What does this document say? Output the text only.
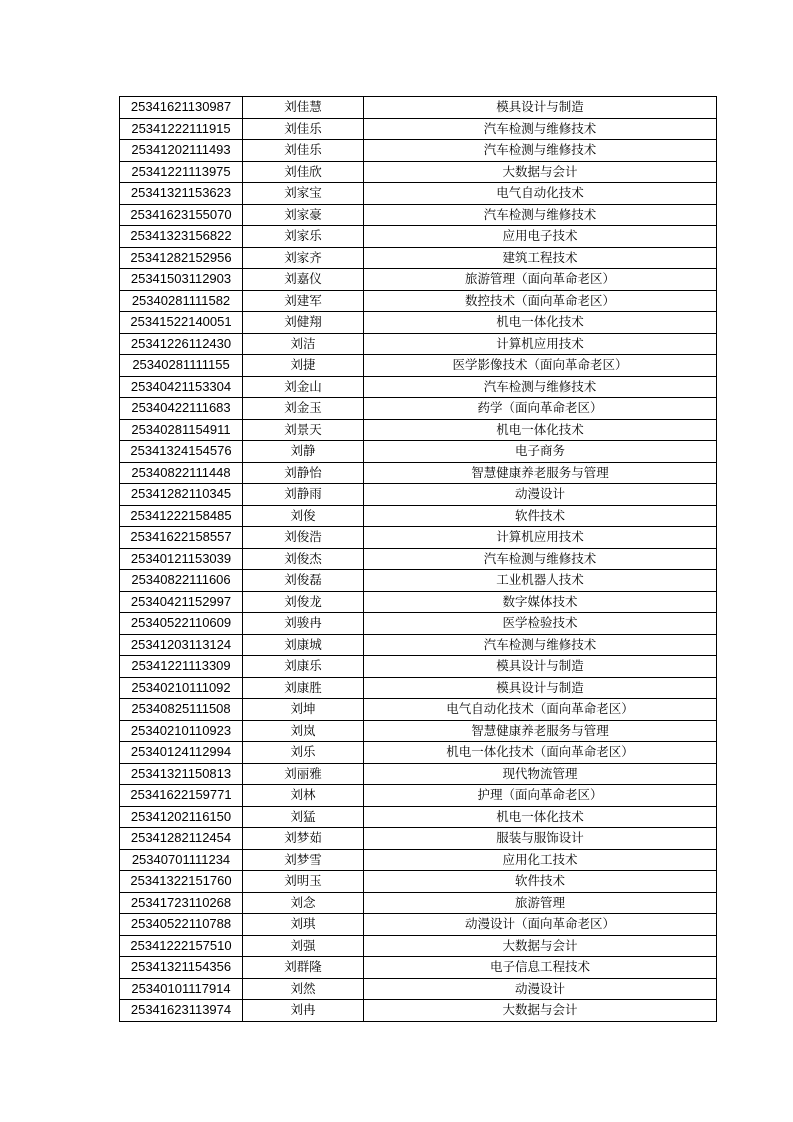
25341621130987	刘佳慧	模具设计与制造
25341222111915	刘佳乐	汽车检测与维修技术
25341202111493	刘佳乐	汽车检测与维修技术
25341221113975	刘佳欣	大数据与会计
25341321153623	刘家宝	电气自动化技术
25341623155070	刘家豪	汽车检测与维修技术
25341323156822	刘家乐	应用电子技术
25341282152956	刘家齐	建筑工程技术
25341503112903	刘嘉仪	旅游管理（面向革命老区）
25340281111582	刘建军	数控技术（面向革命老区）
25341522140051	刘健翔	机电一体化技术
25341226112430	刘洁	计算机应用技术
25340281111155	刘捷	医学影像技术（面向革命老区）
25340421153304	刘金山	汽车检测与维修技术
25340422111683	刘金玉	药学（面向革命老区）
25340281154911	刘景天	机电一体化技术
25341324154576	刘静	电子商务
25340822111448	刘静怡	智慧健康养老服务与管理
25341282110345	刘静雨	动漫设计
25341222158485	刘俊	软件技术
25341622158557	刘俊浩	计算机应用技术
25340121153039	刘俊杰	汽车检测与维修技术
25340822111606	刘俊磊	工业机器人技术
25340421152997	刘俊龙	数字媒体技术
25340522110609	刘骏冉	医学检验技术
25341203113124	刘康城	汽车检测与维修技术
25341221113309	刘康乐	模具设计与制造
25340210111092	刘康胜	模具设计与制造
25340825111508	刘坤	电气自动化技术（面向革命老区）
25340210110923	刘岚	智慧健康养老服务与管理
25340124112994	刘乐	机电一体化技术（面向革命老区）
25341321150813	刘丽雅	现代物流管理
25341622159771	刘林	护理（面向革命老区）
25341202116150	刘猛	机电一体化技术
25341282112454	刘梦茹	服装与服饰设计
25340701111234	刘梦雪	应用化工技术
25341322151760	刘明玉	软件技术
25341723110268	刘念	旅游管理
25340522110788	刘琪	动漫设计（面向革命老区）
25341222157510	刘强	大数据与会计
25341321154356	刘群隆	电子信息工程技术
25340101117914	刘然	动漫设计
25341623113974	刘冉	大数据与会计
